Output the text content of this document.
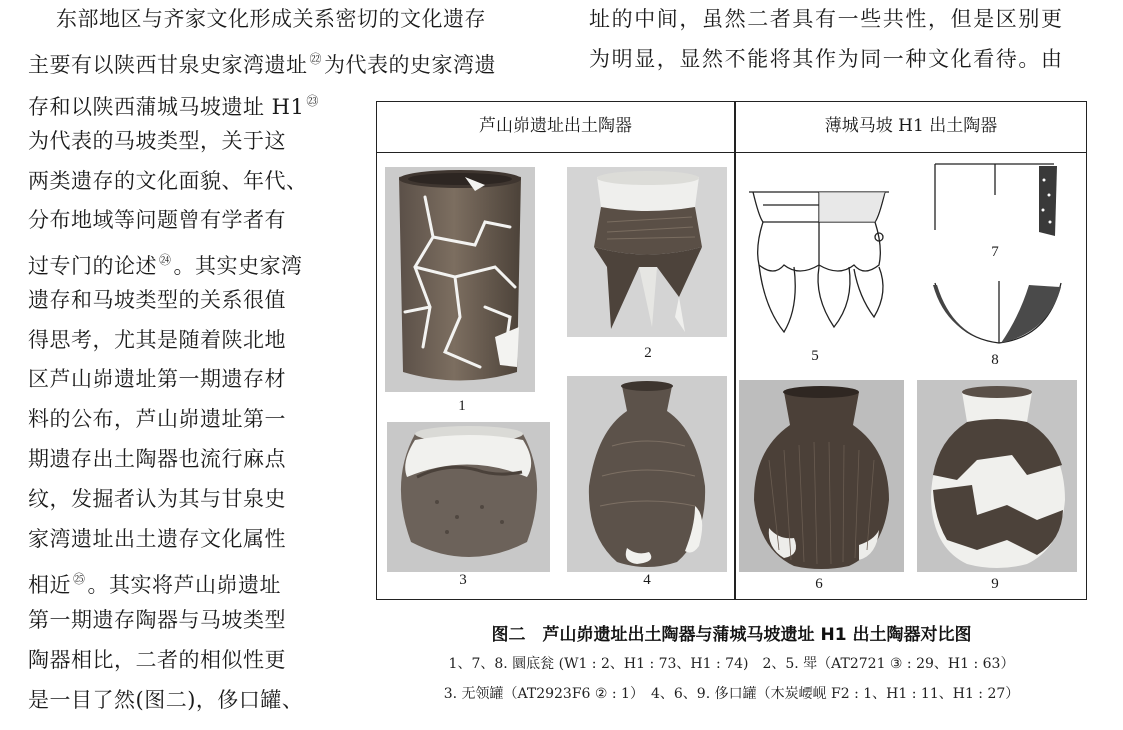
东部地区与齐家文化形成关系密切的文化遗存
主要有以陕西甘泉史家湾遗址 $^㉒$为代表的史家湾遗
存和以陕西蒲城马坡遗址 H1 $^㉓$
为代表的马坡类型，关于这
两类遗存的文化面貌、年代、
分布地域等问题曾有学者有
过专门的论述 $^㉔$。其实史家湾
遗存和马坡类型的关系很值
得思考，尤其是随着陕北地
区芦山峁遗址第一期遗存材
料的公布，芦山峁遗址第一
期遗存出土陶器也流行麻点
纹，发掘者认为其与甘泉史
家湾遗址出土遗存文化属性
相近 $^㉕$。其实将芦山峁遗址
第一期遗存陶器与马坡类型
陶器相比，二者的相似性更
是一目了然(图二)，侈口罐、
址的中间，虽然二者具有一些共性，但是区别更
为明显，显然不能将其作为同一种文化看待。由
芦山峁遗址出土陶器	薄城马坡 H1 出土陶器
1
2
3	4
5
7
8
6	9
图二　芦山峁遗址出土陶器与蒲城马坡遗址 H1 出土陶器对比图
1、7、8. 圜底瓮 (W1 : 2、H1 : 73、H1 : 74)　2、5. 斝（AT2721 ③ : 29、H1 : 63）
3. 无领罐（AT2923F6 ② : 1）　4、6、9. 侈口罐（木炭崾岘 F2 : 1、H1 : 11、H1 : 27）
